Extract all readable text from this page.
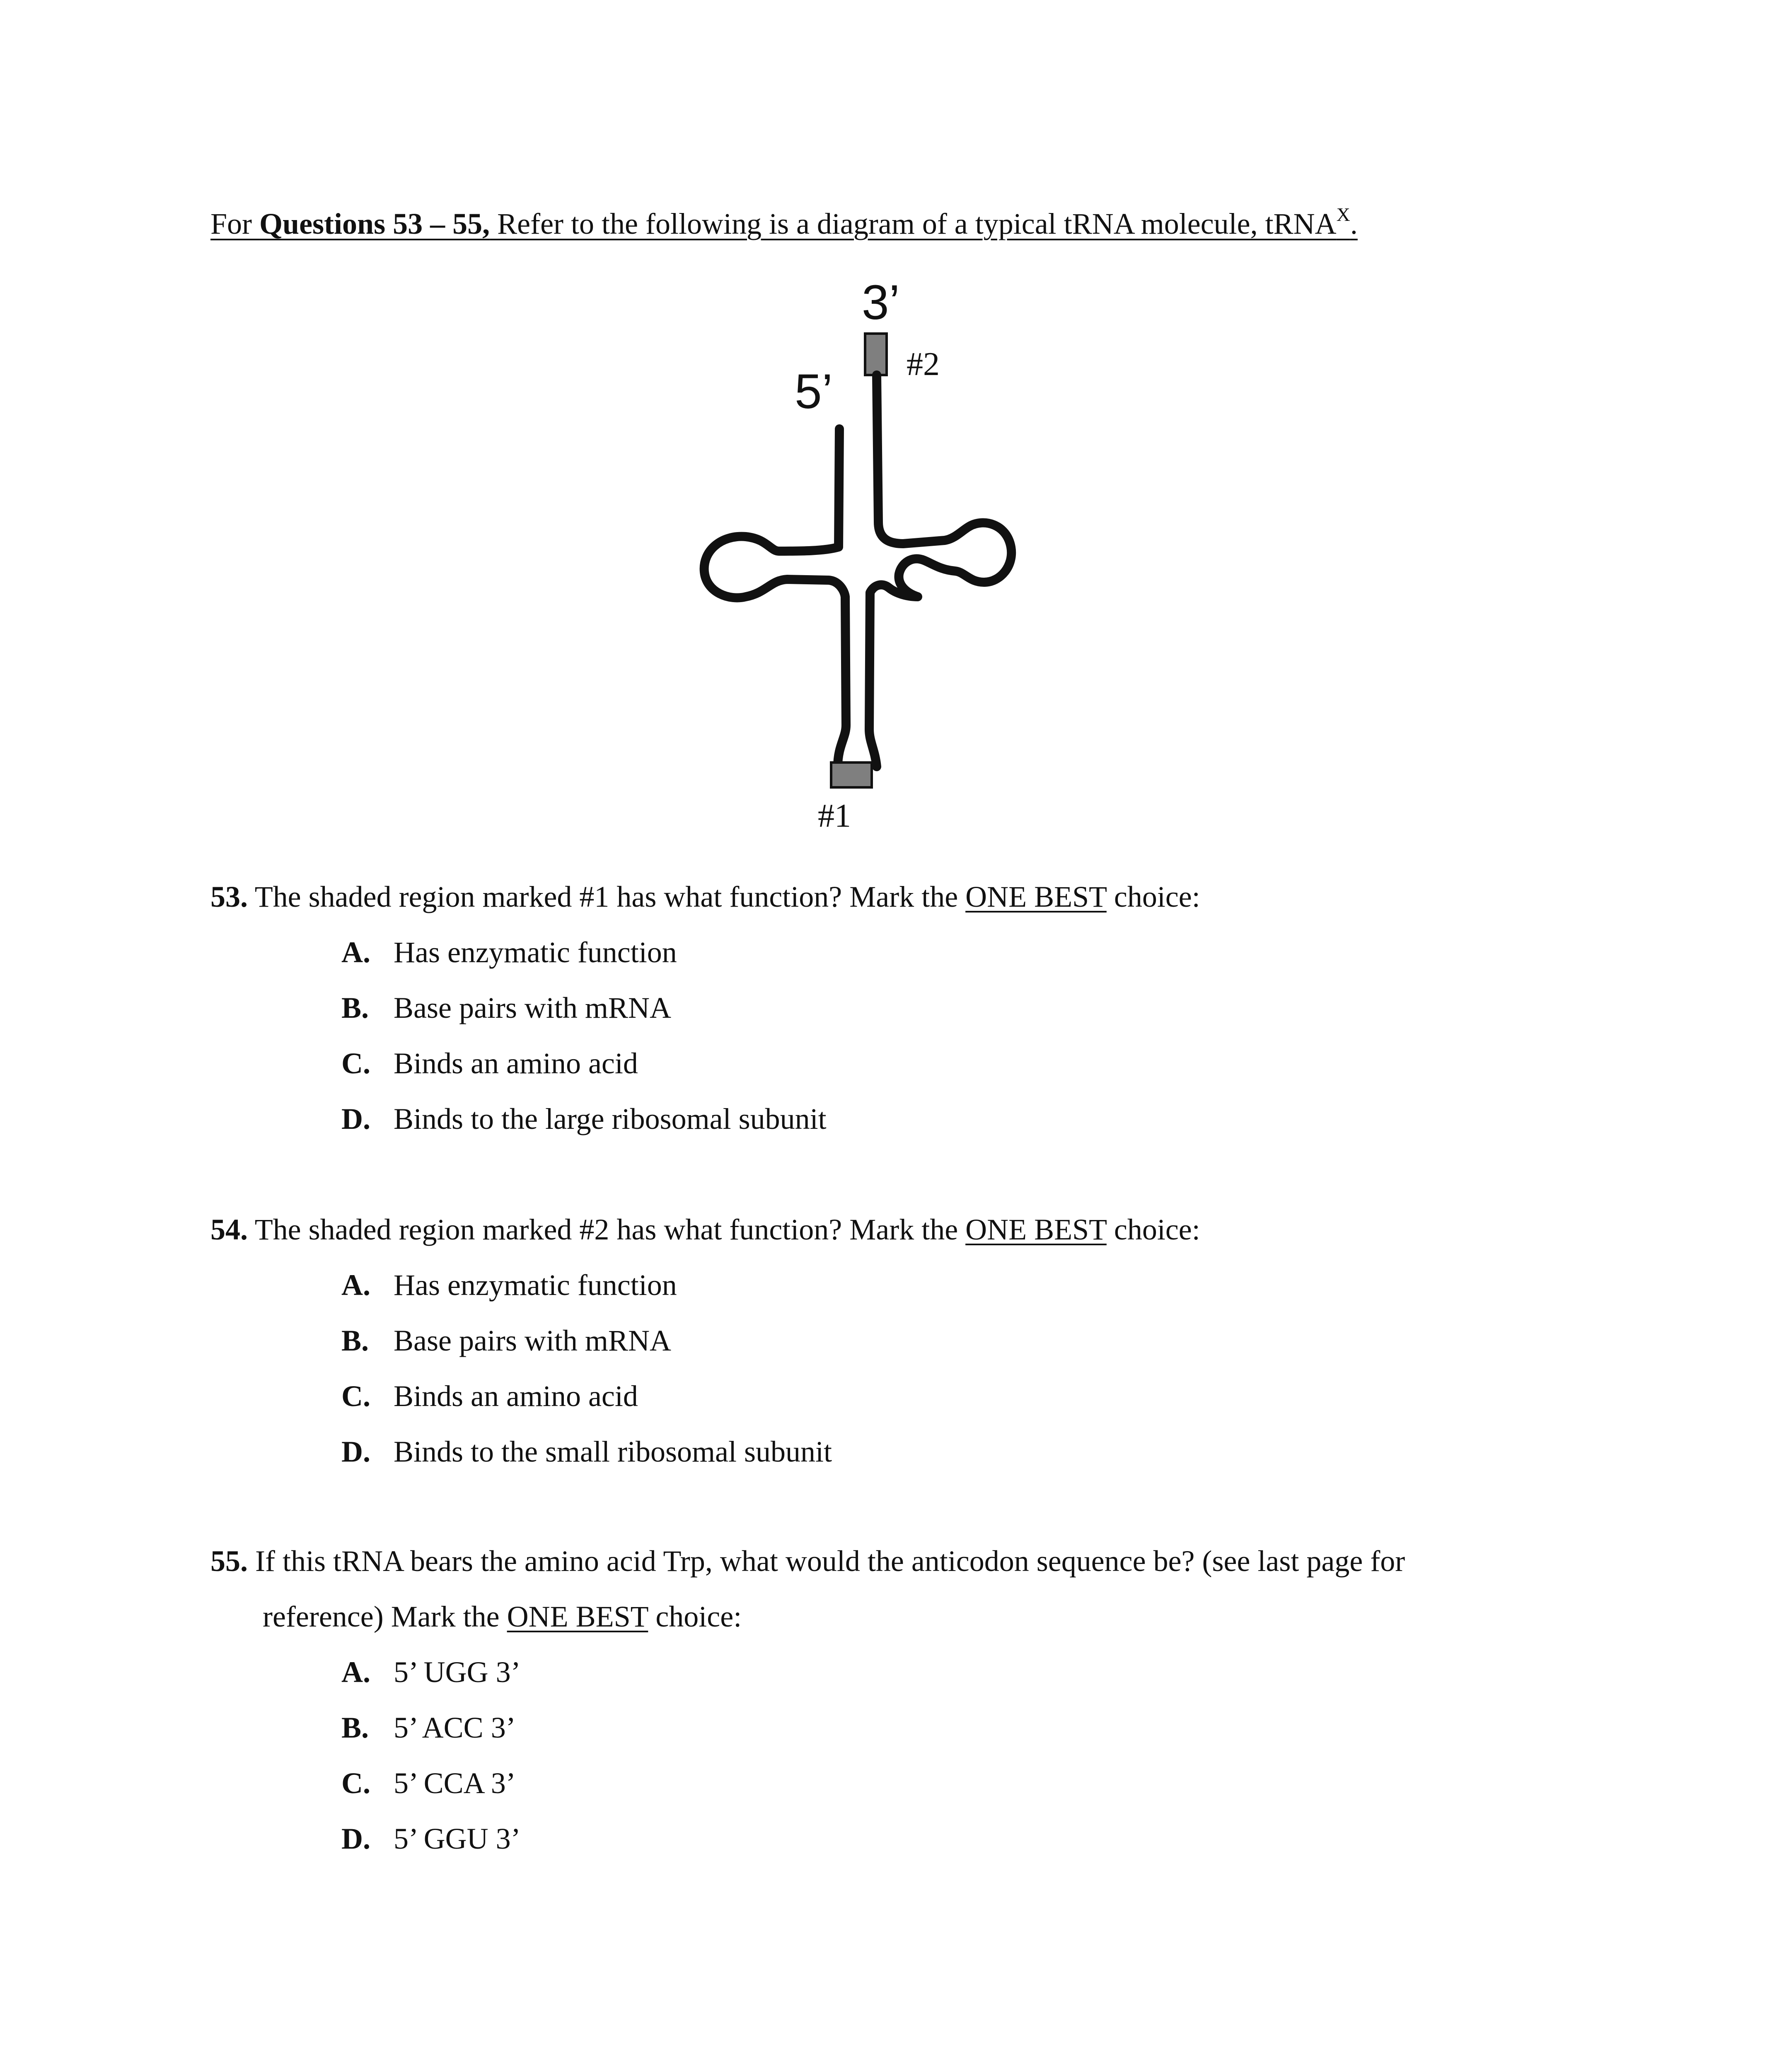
For Questions 53 – 55, Refer to the following is a diagram of a typical tRNA molecule, tRNA$^X$.
3’
5’ #2
#1
53. The shaded region marked #1 has what function? Mark the ONE BEST choice:
A. Has enzymatic function
B. Base pairs with mRNA
C. Binds an amino acid
D. Binds to the large ribosomal subunit
54. The shaded region marked #2 has what function? Mark the ONE BEST choice:
A. Has enzymatic function
B. Base pairs with mRNA
C. Binds an amino acid
D. Binds to the small ribosomal subunit
55. If this tRNA bears the amino acid Trp, what would the anticodon sequence be? (see last page for
reference) Mark the ONE BEST choice:
A. 5’ UGG 3’
B. 5’ ACC 3’
C. 5’ CCA 3’
D. 5’ GGU 3’
